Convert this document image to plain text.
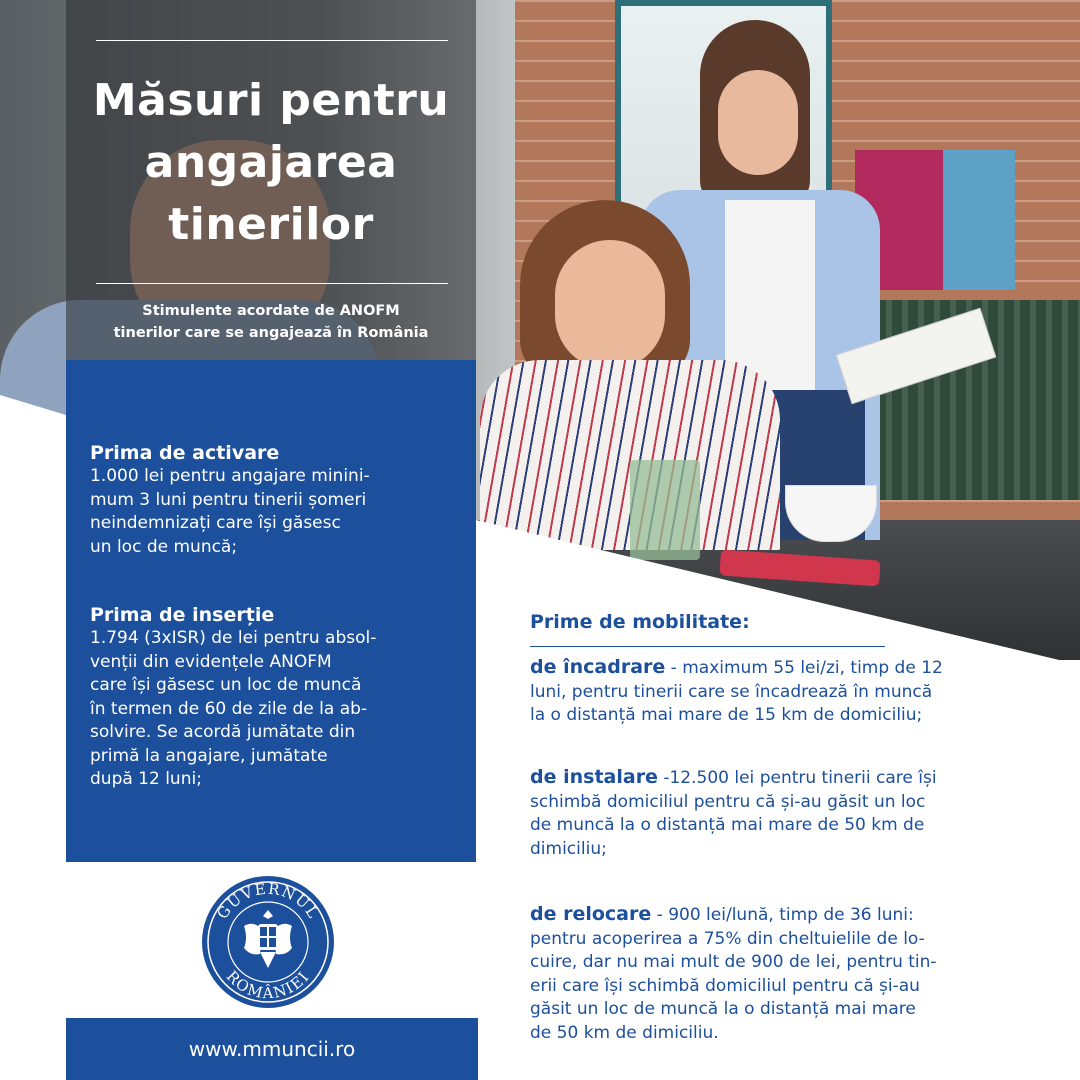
Măsuri pentru
angajarea
tinerilor
Stimulente acordate de ANOFM
tinerilor care se angajează în România
Prima de activare
1.000 lei pentru angajare minini-
mum 3 luni pentru tinerii șomeri
neindemnizați care își găsesc
un loc de muncă;
Prima de inserție
1.794 (3xISR) de lei pentru absol-
venții din evidențele ANOFM
care își găsesc un loc de muncă
în termen de 60 de zile de la ab-
solvire. Se acordă jumătate din
primă la angajare, jumătate
după 12 luni;
Prime de mobilitate:
de încadrare - maximum 55 lei/zi, timp de 12
luni, pentru tinerii care se încadrează în muncă
la o distanță mai mare de 15 km de domiciliu;
de instalare -12.500 lei pentru tinerii care își
schimbă domiciliul pentru că și-au găsit un loc
de muncă la o distanță mai mare de 50 km de
dimiciliu;
de relocare - 900 lei/lună, timp de 36 luni:
pentru acoperirea a 75% din cheltuielile de lo-
cuire, dar nu mai mult de 900 de lei, pentru tin-
erii care își schimbă domiciliul pentru că și-au
găsit un loc de muncă la o distanță mai mare
de 50 km de dimiciliu.
GUVERNUL
ROMÂNIEI
www.mmuncii.ro
